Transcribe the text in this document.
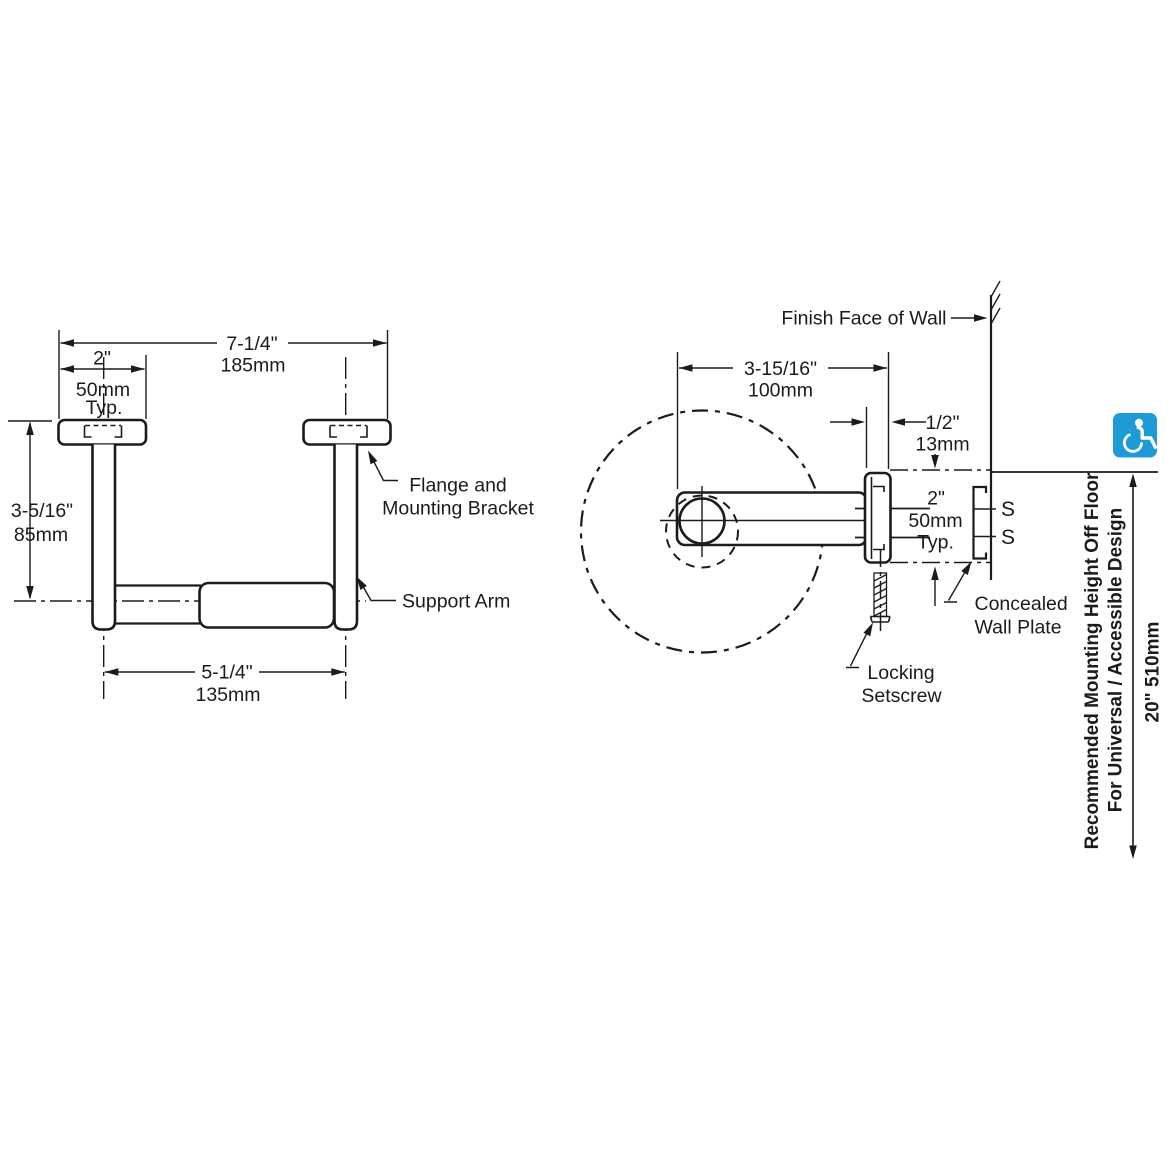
7-1/4"
185mm
2"
50mm
Typ.
3-5/16"
85mm
5-1/4"
135mm
Flange and
Mounting Bracket
Support Arm
Finish Face of Wall
3-15/16"
100mm
1/2"
13mm
2"
50mm
Typ.
S
S
Concealed
Wall Plate
Locking
Setscrew	Recommended Mounting Height Off Floor For Universal / Accessible Design 20" 510mm
